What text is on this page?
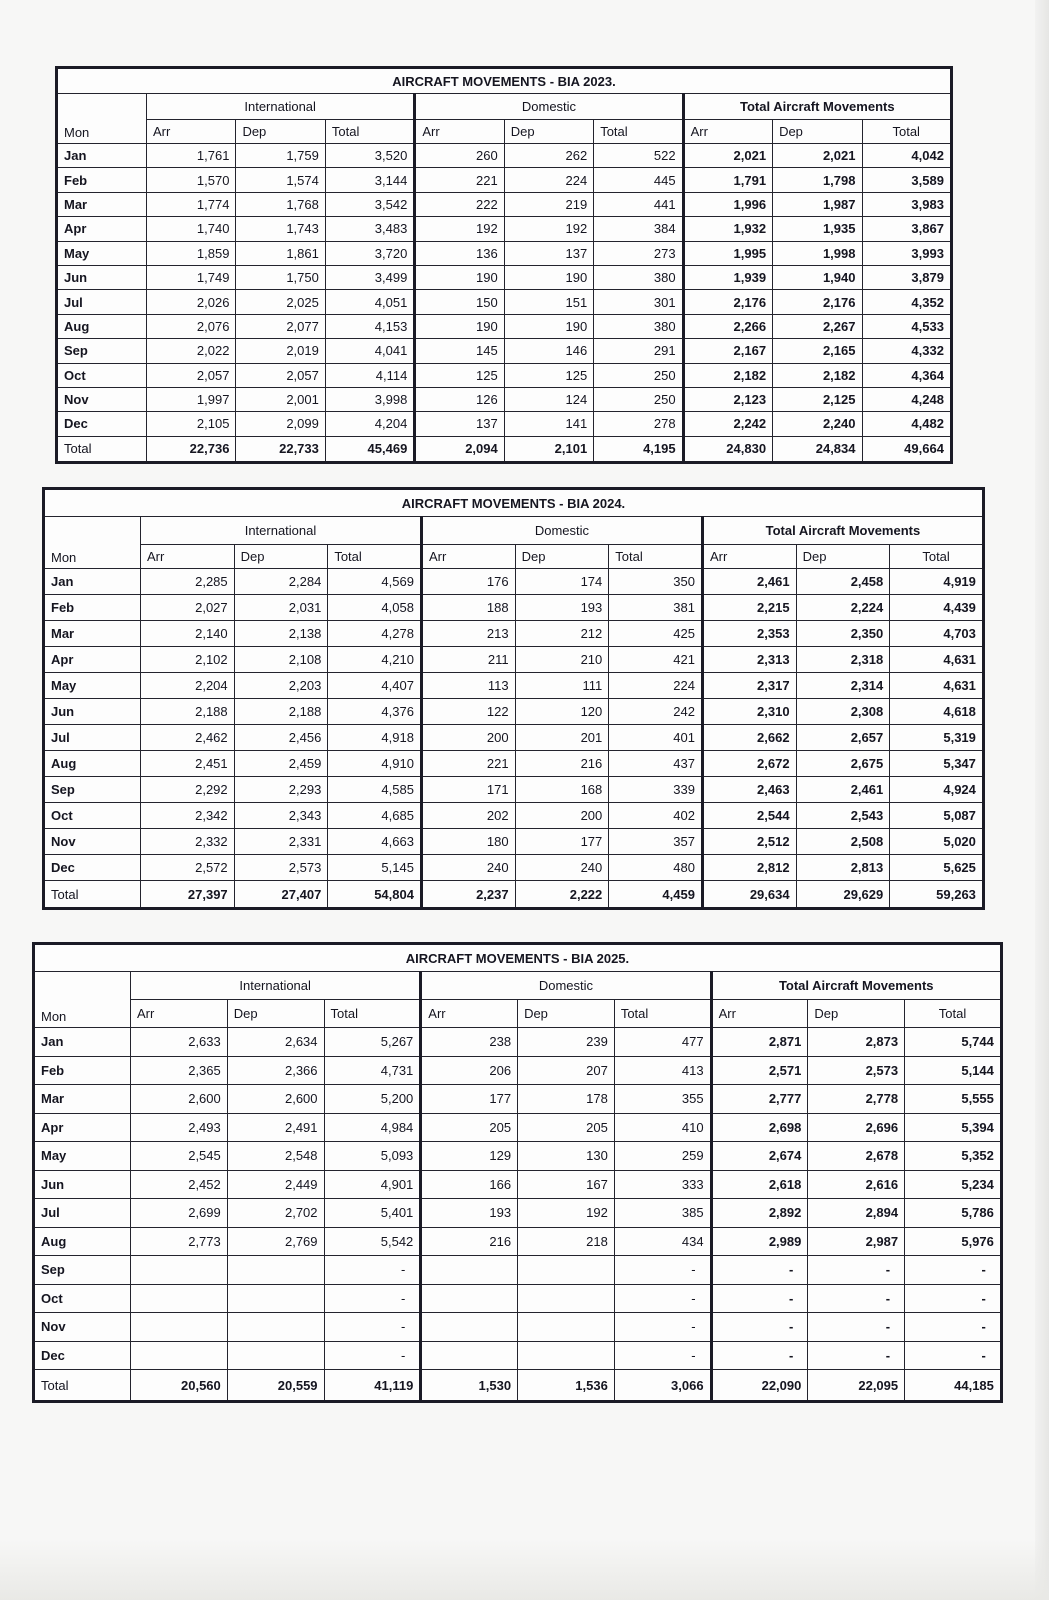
AIRCRAFT MOVEMENTS - BIA 2023.									
Mon	International			Domestic			Total Aircraft Movements		
	Arr	Dep	Total	Arr	Dep	Total	Arr	Dep	Total
Jan	1,761	1,759	3,520	260	262	522	2,021	2,021	4,042
Feb	1,570	1,574	3,144	221	224	445	1,791	1,798	3,589
Mar	1,774	1,768	3,542	222	219	441	1,996	1,987	3,983
Apr	1,740	1,743	3,483	192	192	384	1,932	1,935	3,867
May	1,859	1,861	3,720	136	137	273	1,995	1,998	3,993
Jun	1,749	1,750	3,499	190	190	380	1,939	1,940	3,879
Jul	2,026	2,025	4,051	150	151	301	2,176	2,176	4,352
Aug	2,076	2,077	4,153	190	190	380	2,266	2,267	4,533
Sep	2,022	2,019	4,041	145	146	291	2,167	2,165	4,332
Oct	2,057	2,057	4,114	125	125	250	2,182	2,182	4,364
Nov	1,997	2,001	3,998	126	124	250	2,123	2,125	4,248
Dec	2,105	2,099	4,204	137	141	278	2,242	2,240	4,482
Total	22,736	22,733	45,469	2,094	2,101	4,195	24,830	24,834	49,664
AIRCRAFT MOVEMENTS - BIA 2024.									
Mon	International			Domestic			Total Aircraft Movements		
	Arr	Dep	Total	Arr	Dep	Total	Arr	Dep	Total
Jan	2,285	2,284	4,569	176	174	350	2,461	2,458	4,919
Feb	2,027	2,031	4,058	188	193	381	2,215	2,224	4,439
Mar	2,140	2,138	4,278	213	212	425	2,353	2,350	4,703
Apr	2,102	2,108	4,210	211	210	421	2,313	2,318	4,631
May	2,204	2,203	4,407	113	111	224	2,317	2,314	4,631
Jun	2,188	2,188	4,376	122	120	242	2,310	2,308	4,618
Jul	2,462	2,456	4,918	200	201	401	2,662	2,657	5,319
Aug	2,451	2,459	4,910	221	216	437	2,672	2,675	5,347
Sep	2,292	2,293	4,585	171	168	339	2,463	2,461	4,924
Oct	2,342	2,343	4,685	202	200	402	2,544	2,543	5,087
Nov	2,332	2,331	4,663	180	177	357	2,512	2,508	5,020
Dec	2,572	2,573	5,145	240	240	480	2,812	2,813	5,625
Total	27,397	27,407	54,804	2,237	2,222	4,459	29,634	29,629	59,263
AIRCRAFT MOVEMENTS - BIA 2025.									
Mon	International			Domestic			Total Aircraft Movements		
	Arr	Dep	Total	Arr	Dep	Total	Arr	Dep	Total
Jan	2,633	2,634	5,267	238	239	477	2,871	2,873	5,744
Feb	2,365	2,366	4,731	206	207	413	2,571	2,573	5,144
Mar	2,600	2,600	5,200	177	178	355	2,777	2,778	5,555
Apr	2,493	2,491	4,984	205	205	410	2,698	2,696	5,394
May	2,545	2,548	5,093	129	130	259	2,674	2,678	5,352
Jun	2,452	2,449	4,901	166	167	333	2,618	2,616	5,234
Jul	2,699	2,702	5,401	193	192	385	2,892	2,894	5,786
Aug	2,773	2,769	5,542	216	218	434	2,989	2,987	5,976
Sep			-			-	-	-	-
Oct			-			-	-	-	-
Nov			-			-	-	-	-
Dec			-			-	-	-	-
Total	20,560	20,559	41,119	1,530	1,536	3,066	22,090	22,095	44,185
